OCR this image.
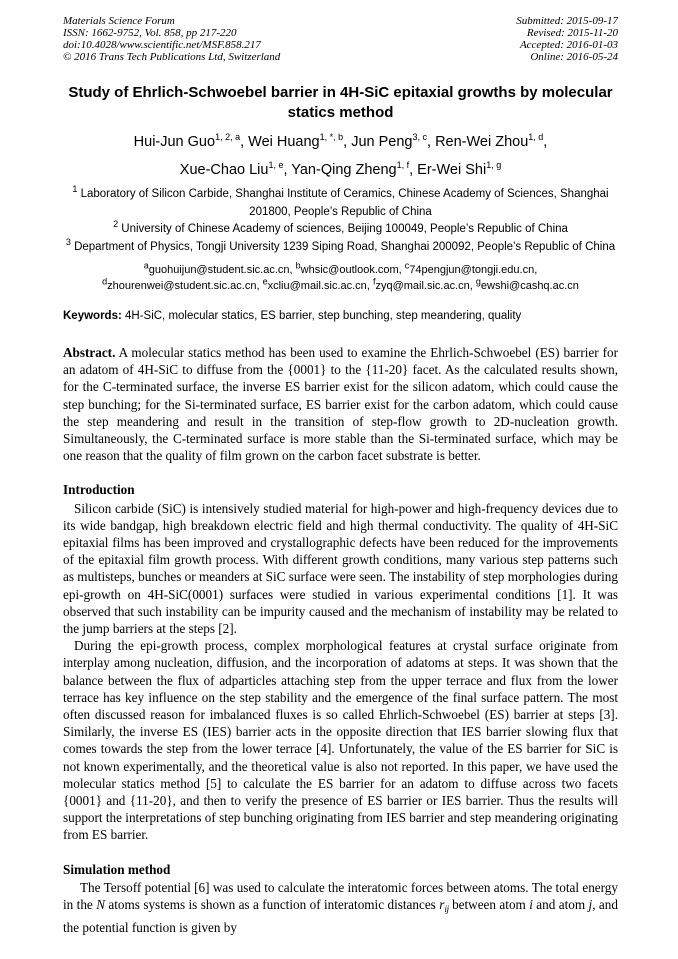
Materials Science Forum
ISSN: 1662-9752, Vol. 858, pp 217-220
doi:10.4028/www.scientific.net/MSF.858.217
© 2016 Trans Tech Publications Ltd, Switzerland
Submitted: 2015-09-17
Revised: 2015-11-20
Accepted: 2016-01-03
Online: 2016-05-24
Study of Ehrlich-Schwoebel barrier in 4H-SiC epitaxial growths by molecular statics method
Hui-Jun Guo$^{1, 2, a}$, Wei Huang$^{1, *, b}$, Jun Peng$^{3, c}$, Ren-Wei Zhou$^{1, d}$,
Xue-Chao Liu$^{1, e}$, Yan-Qing Zheng$^{1, f}$, Er-Wei Shi$^{1, g}$
$^1$ Laboratory of Silicon Carbide, Shanghai Institute of Ceramics, Chinese Academy of Sciences, Shanghai 201800, People’s Republic of China
$^2$ University of Chinese Academy of sciences, Beijing 100049, People’s Republic of China
$^3$ Department of Physics, Tongji University 1239 Siping Road, Shanghai 200092, People’s Republic of China
$^a$guohuijun@student.sic.ac.cn, $^b$whsic@outlook.com, $^c$74pengjun@tongji.edu.cn,
$^d$zhourenwei@student.sic.ac.cn, $^e$xcliu@mail.sic.ac.cn, $^f$zyq@mail.sic.ac.cn, $^g$ewshi@cashq.ac.cn
Keywords: 4H-SiC, molecular statics, ES barrier, step bunching, step meandering, quality
Abstract. A molecular statics method has been used to examine the Ehrlich-Schwoebel (ES) barrier for an adatom of 4H-SiC to diffuse from the {0001} to the {11-20} facet. As the calculated results shown, for the C-terminated surface, the inverse ES barrier exist for the silicon adatom, which could cause the step bunching; for the Si-terminated surface, ES barrier exist for the carbon adatom, which could cause the step meandering and result in the transition of step-flow growth to 2D-nucleation growth. Simultaneously, the C-terminated surface is more stable than the Si-terminated surface, which may be one reason that the quality of film grown on the carbon facet substrate is better.
Introduction

Silicon carbide (SiC) is intensively studied material for high-power and high-frequency devices due to its wide bandgap, high breakdown electric field and high thermal conductivity. The quality of 4H-SiC epitaxial films has been improved and crystallographic defects have been reduced for the improvements of the epitaxial film growth process. With different growth conditions, many various step patterns such as multisteps, bunches or meanders at SiC surface were seen. The instability of step morphologies during epi-growth on 4H-SiC(0001) surfaces were studied in various experimental conditions [1]. It was observed that such instability can be impurity caused and the mechanism of instability may be related to the jump barriers at the steps [2].

During the epi-growth process, complex morphological features at crystal surface originate from interplay among nucleation, diffusion, and the incorporation of adatoms at steps. It was shown that the balance between the flux of adparticles attaching step from the upper terrace and flux from the lower terrace has key influence on the step stability and the emergence of the final surface pattern. The most often discussed reason for imbalanced fluxes is so called Ehrlich-Schwoebel (ES) barrier at steps [3]. Similarly, the inverse ES (IES) barrier acts in the opposite direction that IES barrier slowing flux that comes towards the step from the lower terrace [4]. Unfortunately, the value of the ES barrier for SiC is not known experimentally, and the theoretical value is also not reported. In this paper, we have used the molecular statics method [5] to calculate the ES barrier for an adatom to diffuse across two facets {0001} and {11-20}, and then to verify the presence of ES barrier or IES barrier. Thus the results will support the interpretations of step bunching originating from IES barrier and step meandering originating from ES barrier.

Simulation method

The Tersoff potential [6] was used to calculate the interatomic forces between atoms. The total energy in the N atoms systems is shown as a function of interatomic distances $r_{ij}$ between atom i and atom j, and the potential function is given by
